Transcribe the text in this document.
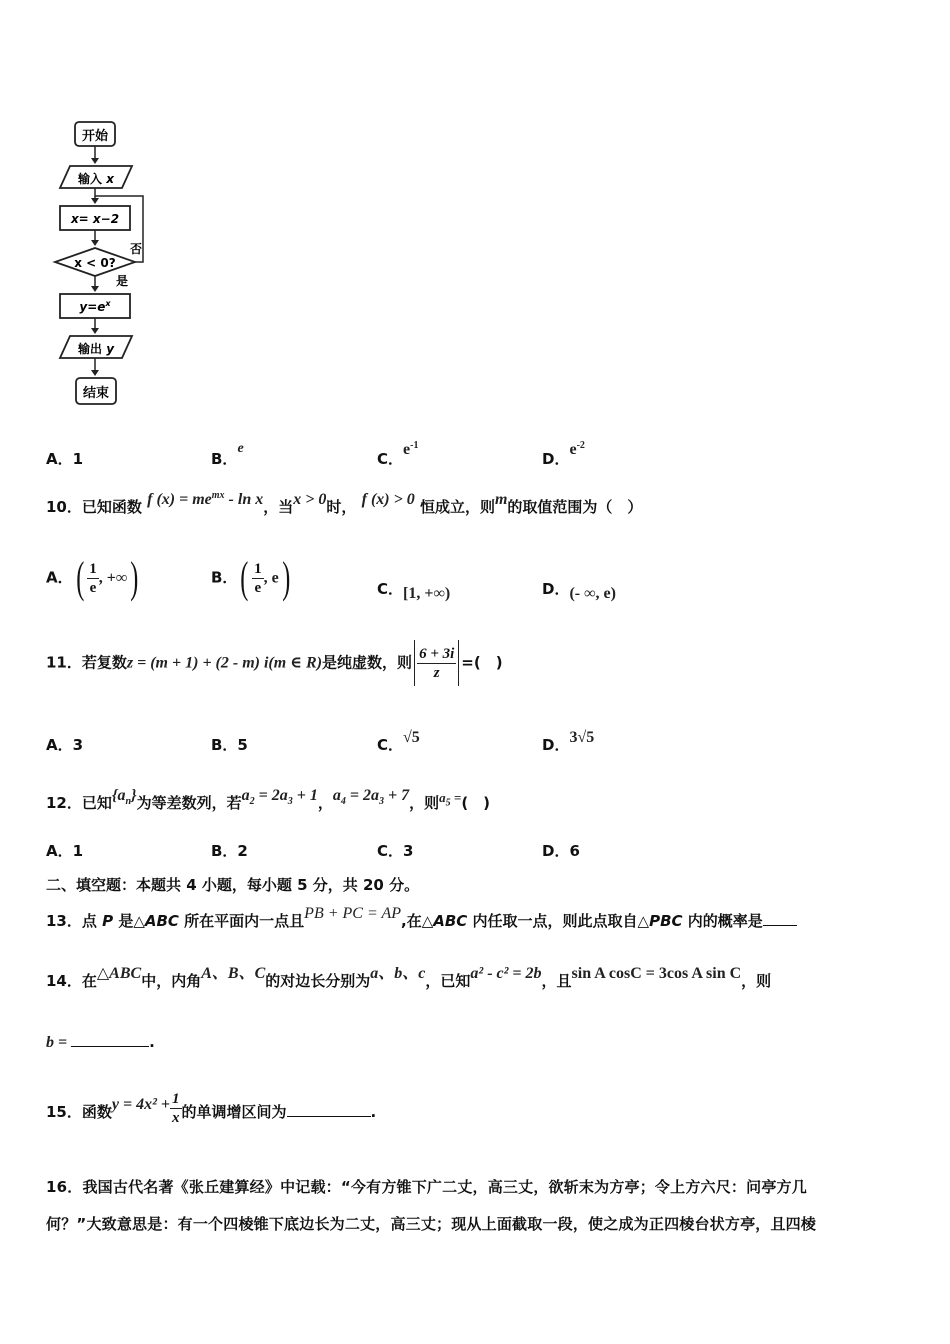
开始
输入 x
x= x−2
x < 0?
否
是
$y=e^x$
输出 y
结束
A．1	B．e
C．$e^{-1}$
D．$e^{-2}$
10．已知函数 f $(x) = me^{mx} - \ln x$，当x > 0时， f (x) > 0 恒成立，则m的取值范围为（　）
A．( $\frac{1}{e}$ , +∞)	B．( $\frac{1}{e}$ , e)	C．[1, +∞)	D．(- ∞, e)
11．若复数z = (m + 1) + (2 - m) i(m ∈ R)是纯虚数，则 $\frac{6 + 3i}{z}$ =(　)
A．3	B．5	C．√5	D．3√5
12．已知$\{a_n\}$为等差数列，若$a_2 = 2a_3 + 1$，$a_4 = 2a_3 + 7$，则$a_5$ =(　)
A．1	B．2	C．3	D．6
二、填空题：本题共 4 小题，每小题 5 分，共 20 分。
13．点 P 是△ABC 所在平面内一点且PB + PC = AP,在△ABC 内任取一点，则此点取自△PBC 内的概率是
14．在△ABC中，内角A、B、C的对边长分别为a、b、c，已知a² - c² = 2b，且sin A cosC = 3cos A sin C，则
b =	.
15．函数$y = 4x^2 + \frac{1}{x}$ 的单调增区间为	.
16．我国古代名著《张丘建算经》中记载：“今有方锥下广二丈，高三丈，欲斩末为方亭；令上方六尺：问亭方几
何？”大致意思是：有一个四棱锥下底边长为二丈，高三丈；现从上面截取一段，使之成为正四棱台状方亭，且四棱
